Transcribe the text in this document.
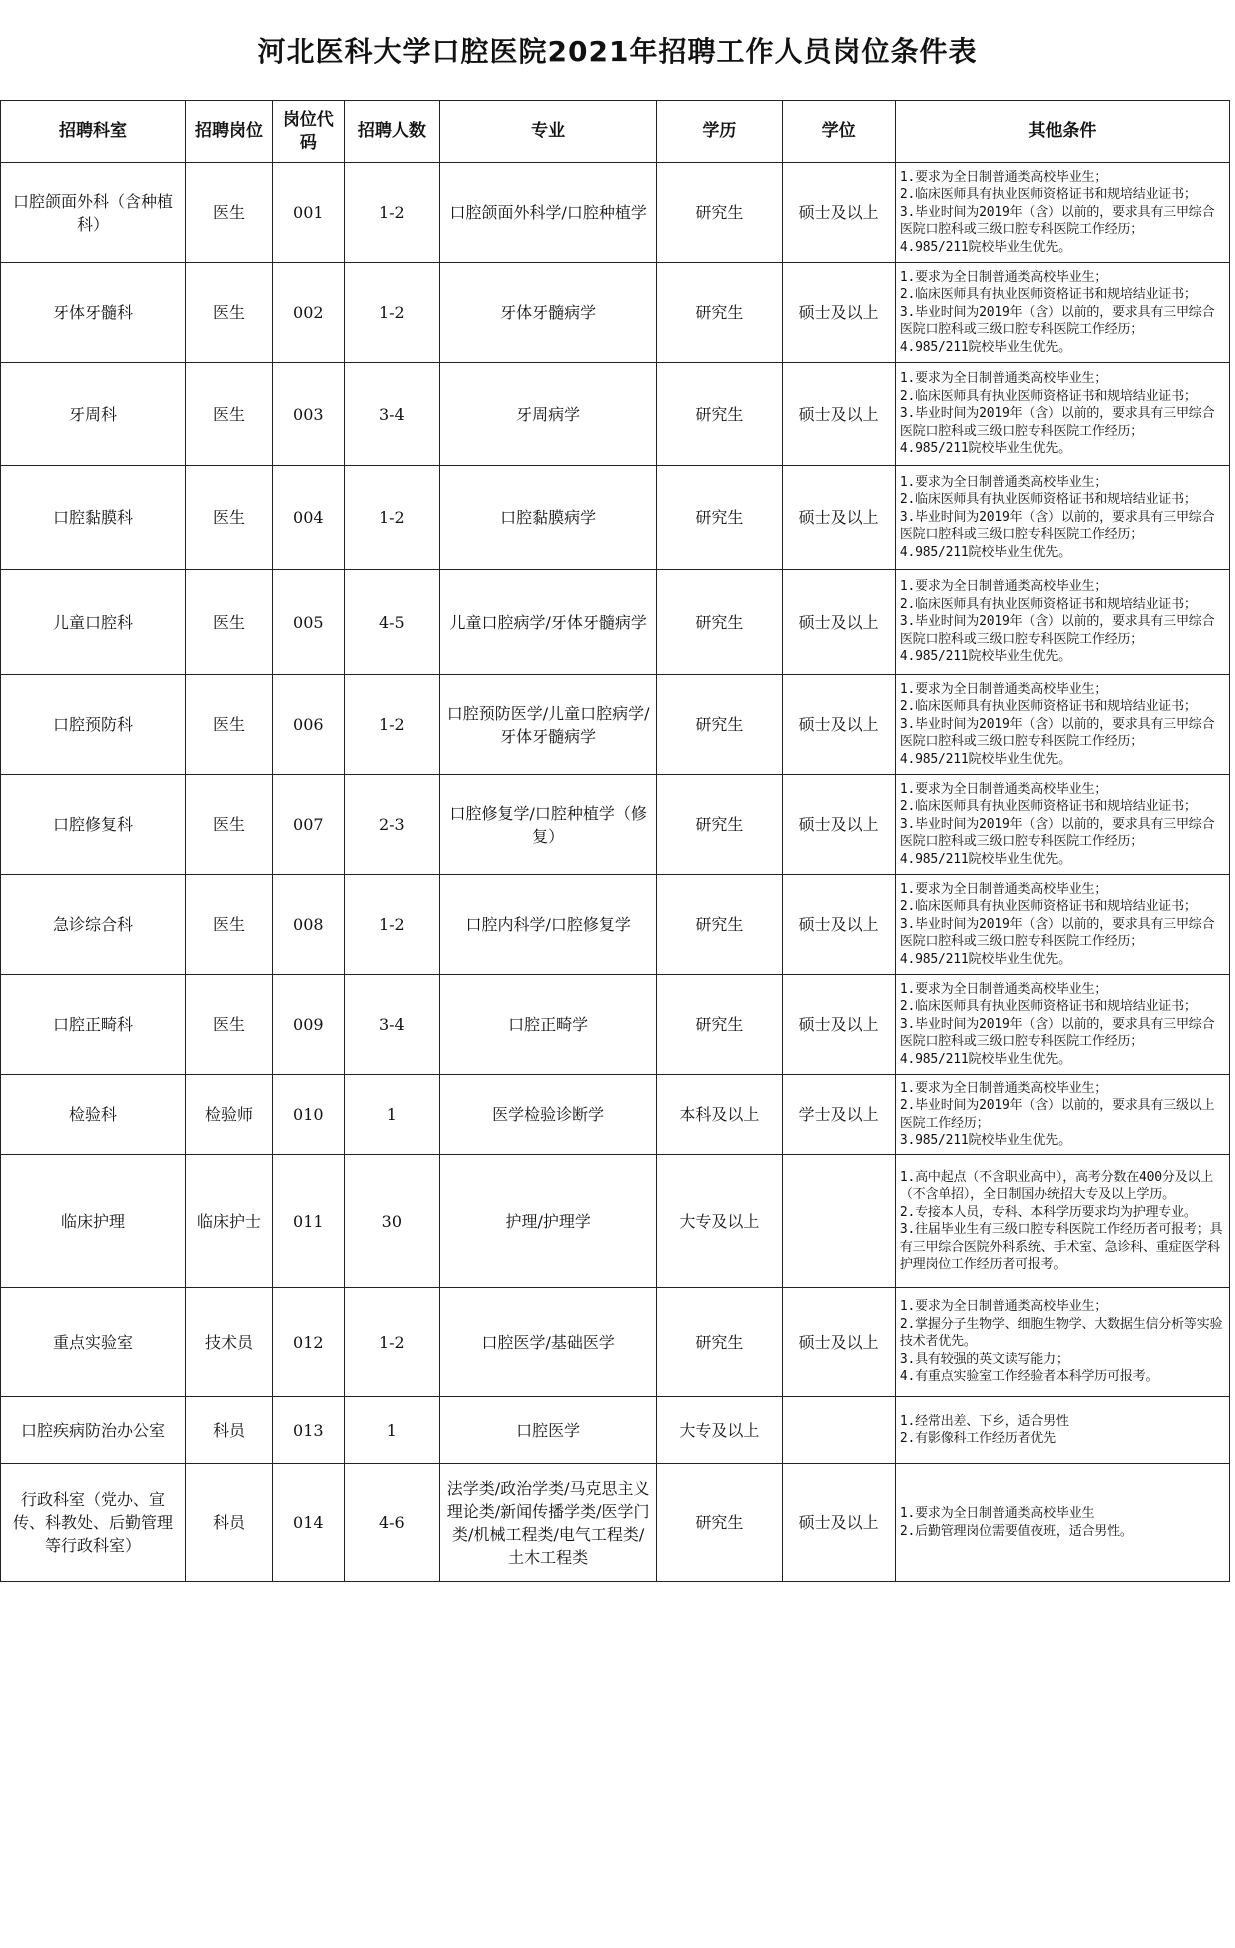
河北医科大学口腔医院2021年招聘工作人员岗位条件表
招聘科室	招聘岗位	岗位代码	招聘人数	专业	学历	学位	其他条件
口腔颌面外科（含种植科）	医生	001	1-2	口腔颌面外科学/口腔种植学	研究生	硕士及以上	1.要求为全日制普通类高校毕业生；
2.临床医师具有执业医师资格证书和规培结业证书；
3.毕业时间为2019年（含）以前的，要求具有三甲综合医院口腔科或三级口腔专科医院工作经历；
4.985/211院校毕业生优先。

牙体牙髓科	医生	002	1-2	牙体牙髓病学	研究生	硕士及以上	1.要求为全日制普通类高校毕业生；
2.临床医师具有执业医师资格证书和规培结业证书；
3.毕业时间为2019年（含）以前的，要求具有三甲综合医院口腔科或三级口腔专科医院工作经历；
4.985/211院校毕业生优先。

牙周科	医生	003	3-4	牙周病学	研究生	硕士及以上	1.要求为全日制普通类高校毕业生；
2.临床医师具有执业医师资格证书和规培结业证书；
3.毕业时间为2019年（含）以前的，要求具有三甲综合医院口腔科或三级口腔专科医院工作经历；
4.985/211院校毕业生优先。

口腔黏膜科	医生	004	1-2	口腔黏膜病学	研究生	硕士及以上	1.要求为全日制普通类高校毕业生；
2.临床医师具有执业医师资格证书和规培结业证书；
3.毕业时间为2019年（含）以前的，要求具有三甲综合医院口腔科或三级口腔专科医院工作经历；
4.985/211院校毕业生优先。

儿童口腔科	医生	005	4-5	儿童口腔病学/牙体牙髓病学	研究生	硕士及以上	1.要求为全日制普通类高校毕业生；
2.临床医师具有执业医师资格证书和规培结业证书；
3.毕业时间为2019年（含）以前的，要求具有三甲综合医院口腔科或三级口腔专科医院工作经历；
4.985/211院校毕业生优先。

口腔预防科	医生	006	1-2	口腔预防医学/儿童口腔病学/牙体牙髓病学	研究生	硕士及以上	1.要求为全日制普通类高校毕业生；
2.临床医师具有执业医师资格证书和规培结业证书；
3.毕业时间为2019年（含）以前的，要求具有三甲综合医院口腔科或三级口腔专科医院工作经历；
4.985/211院校毕业生优先。

口腔修复科	医生	007	2-3	口腔修复学/口腔种植学（修复）	研究生	硕士及以上	1.要求为全日制普通类高校毕业生；
2.临床医师具有执业医师资格证书和规培结业证书；
3.毕业时间为2019年（含）以前的，要求具有三甲综合医院口腔科或三级口腔专科医院工作经历；
4.985/211院校毕业生优先。

急诊综合科	医生	008	1-2	口腔内科学/口腔修复学	研究生	硕士及以上	1.要求为全日制普通类高校毕业生；
2.临床医师具有执业医师资格证书和规培结业证书；
3.毕业时间为2019年（含）以前的，要求具有三甲综合医院口腔科或三级口腔专科医院工作经历；
4.985/211院校毕业生优先。

口腔正畸科	医生	009	3-4	口腔正畸学	研究生	硕士及以上	1.要求为全日制普通类高校毕业生；
2.临床医师具有执业医师资格证书和规培结业证书；
3.毕业时间为2019年（含）以前的，要求具有三甲综合医院口腔科或三级口腔专科医院工作经历；
4.985/211院校毕业生优先。

检验科	检验师	010	1	医学检验诊断学	本科及以上	学士及以上	1.要求为全日制普通类高校毕业生；
2.毕业时间为2019年（含）以前的，要求具有三级以上医院工作经历；
3.985/211院校毕业生优先。

临床护理	临床护士	011	30	护理/护理学	大专及以上		1.高中起点（不含职业高中），高考分数在400分及以上（不含单招），全日制国办统招大专及以上学历。
2.专接本人员，专科、本科学历要求均为护理专业。
3.往届毕业生有三级口腔专科医院工作经历者可报考；具有三甲综合医院外科系统、手术室、急诊科、重症医学科护理岗位工作经历者可报考。

重点实验室	技术员	012	1-2	口腔医学/基础医学	研究生	硕士及以上	1.要求为全日制普通类高校毕业生；
2.掌握分子生物学、细胞生物学、大数据生信分析等实验技术者优先。
3.具有较强的英文读写能力；
4.有重点实验室工作经验者本科学历可报考。

口腔疾病防治办公室	科员	013	1	口腔医学	大专及以上		1.经常出差、下乡，适合男性
2.有影像科工作经历者优先

行政科室（党办、宣传、科教处、后勤管理等行政科室）	科员	014	4-6	法学类/政治学类/马克思主义理论类/新闻传播学类/医学门类/机械工程类/电气工程类/土木工程类	研究生	硕士及以上	1.要求为全日制普通类高校毕业生
2.后勤管理岗位需要值夜班，适合男性。
